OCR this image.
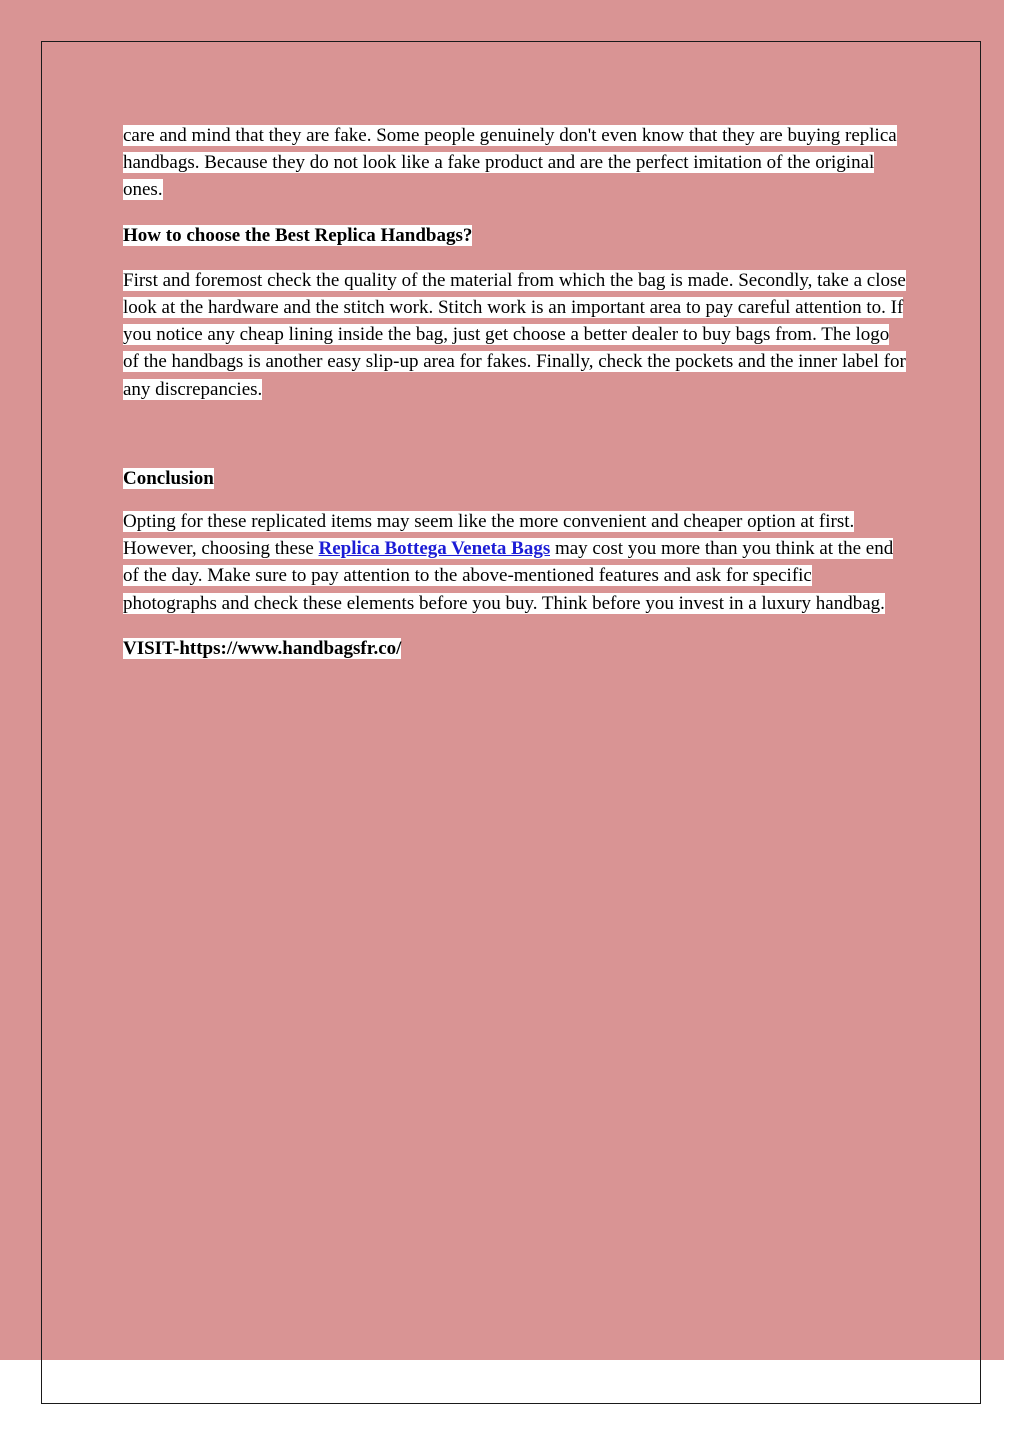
care and mind that they are fake. Some people genuinely don't even know that they are buying replica handbags. Because they do not look like a fake product and are the perfect imitation of the original ones.

How to choose the Best Replica Handbags?

First and foremost check the quality of the material from which the bag is made. Secondly, take a close look at the hardware and the stitch work. Stitch work is an important area to pay careful attention to. If you notice any cheap lining inside the bag, just get choose a better dealer to buy bags from. The logo of the handbags is another easy slip-up area for fakes. Finally, check the pockets and the inner label for any discrepancies.

Conclusion

Opting for these replicated items may seem like the more convenient and cheaper option at first. However, choosing these Replica Bottega Veneta Bags may cost you more than you think at the end of the day. Make sure to pay attention to the above-mentioned features and ask for specific photographs and check these elements before you buy. Think before you invest in a luxury handbag.

VISIT-https://www.handbagsfr.co/
